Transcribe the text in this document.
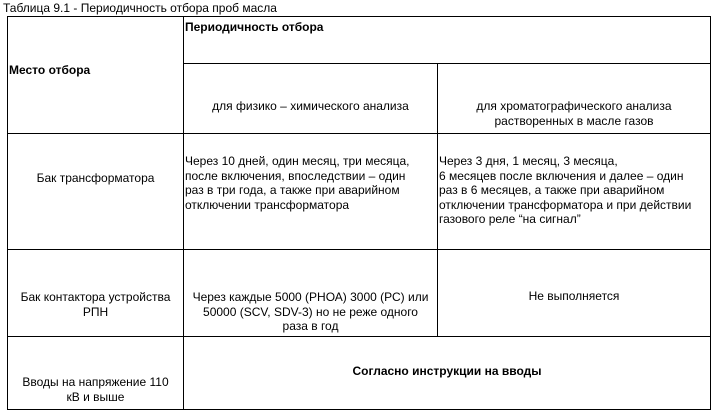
Таблица 9.1 - Периодичность отбора проб масла
Место отбора
Периодичность отбора
для физико – химического анализа	для хроматографического анализа
растворенных в масле газов
Бак трансформатора
Через 10 дней, один месяц, три месяца,
после включения, впоследствии – один
раз в три года, а также при аварийном
отключении трансформатора
Через 3 дня, 1 месяц, 3 месяца,
6 месяцев после включения и далее – один
раз в 6 месяцев, а также при аварийном
отключении трансформатора и при действии
газового реле “на сигнал”
Бак контактора устройства
РПН
Через каждые 5000 (РНОА) 3000 (РС) или
50000 (SCV, SDV-3) но не реже одного
раза в год
Не выполняется
Вводы на напряжение 110
кВ и выше
Согласно инструкции на вводы
